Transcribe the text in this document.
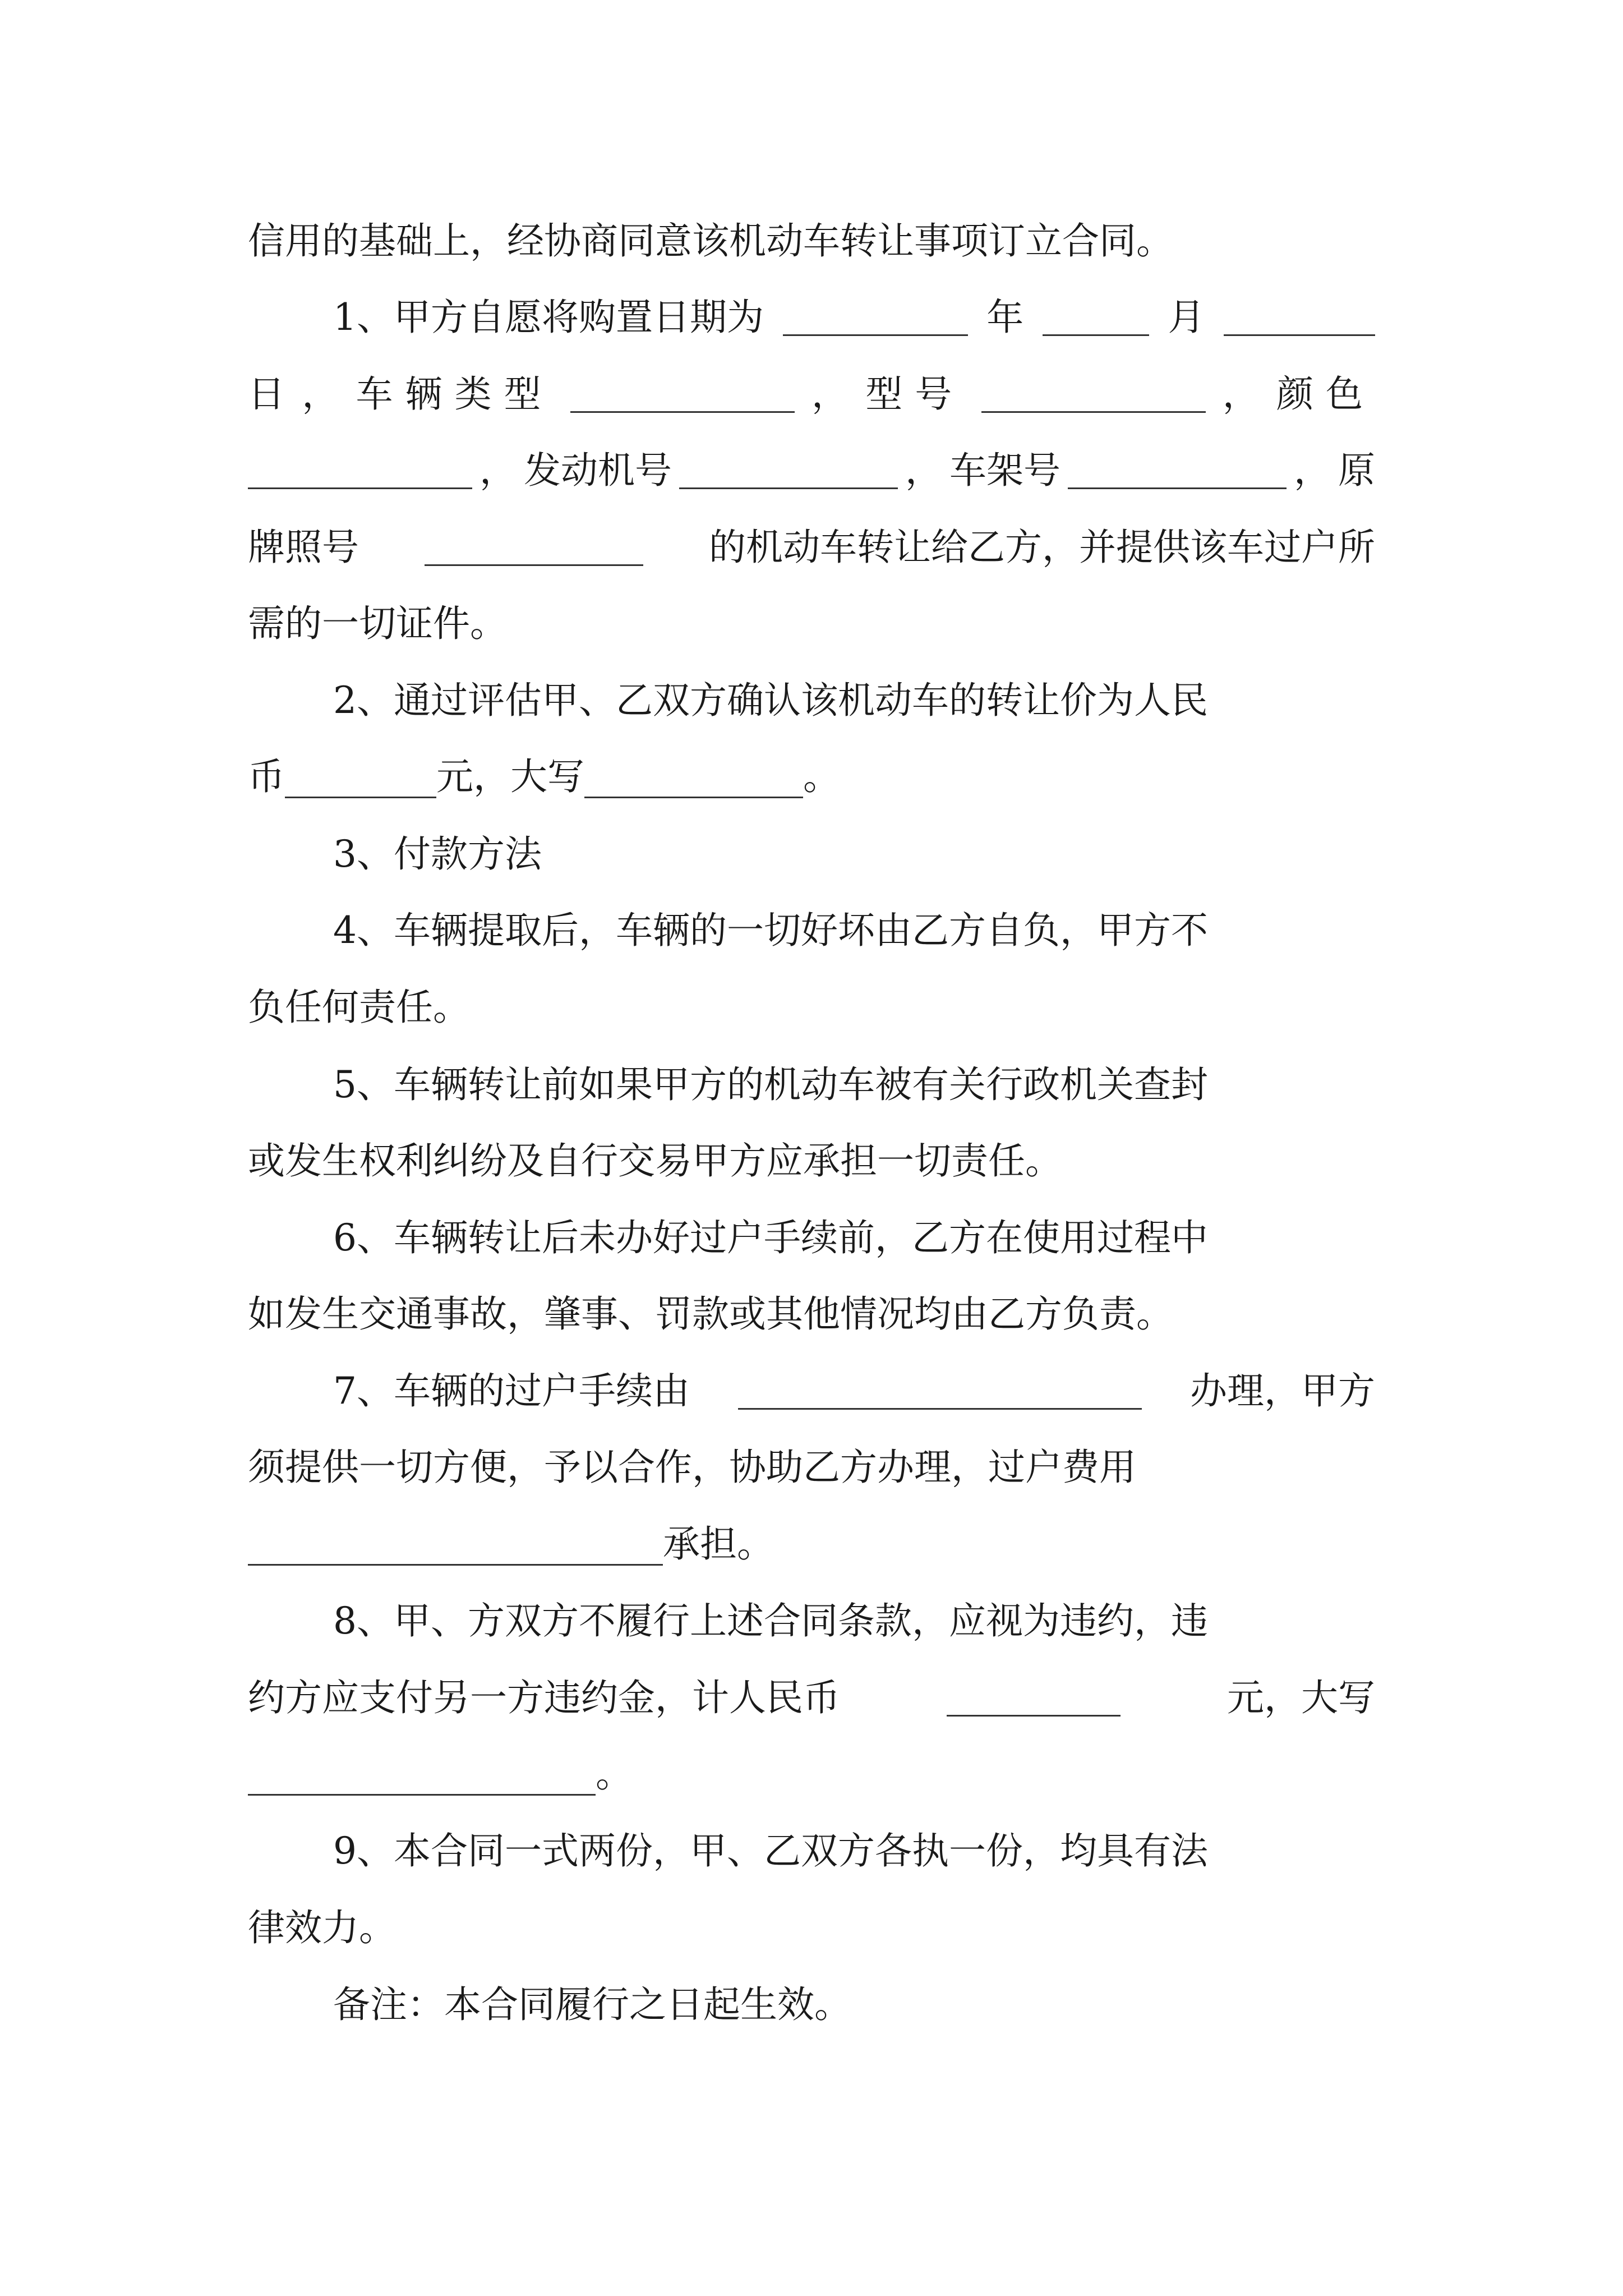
信用的基础上，经协商同意该机动车转让事项订立合同。
1、甲方自愿将购置日期为	年	月
日 ， 车辆类型	， 型号	， 颜色
， 发动机号	， 车架号	， 原
牌照号	的机动车转让给乙方，并提供该车过户所
需的一切证件。
2、通过评估甲、乙双方确认该机动车的转让价为人民
币	元，大写	。
3、付款方法
4、车辆提取后，车辆的一切好坏由乙方自负，甲方不
负任何责任。
5、车辆转让前如果甲方的机动车被有关行政机关查封
或发生权利纠纷及自行交易甲方应承担一切责任。
6、车辆转让后未办好过户手续前，乙方在使用过程中
如发生交通事故，肇事、罚款或其他情况均由乙方负责。
7、车辆的过户手续由	办理，甲方
须提供一切方便，予以合作，协助乙方办理，过户费用
承担。
8、甲、方双方不履行上述合同条款，应视为违约，违
约方应支付另一方违约金，计人民币	元，大写
。
9、本合同一式两份，甲、乙双方各执一份，均具有法
律效力。
备注：本合同履行之日起生效。
